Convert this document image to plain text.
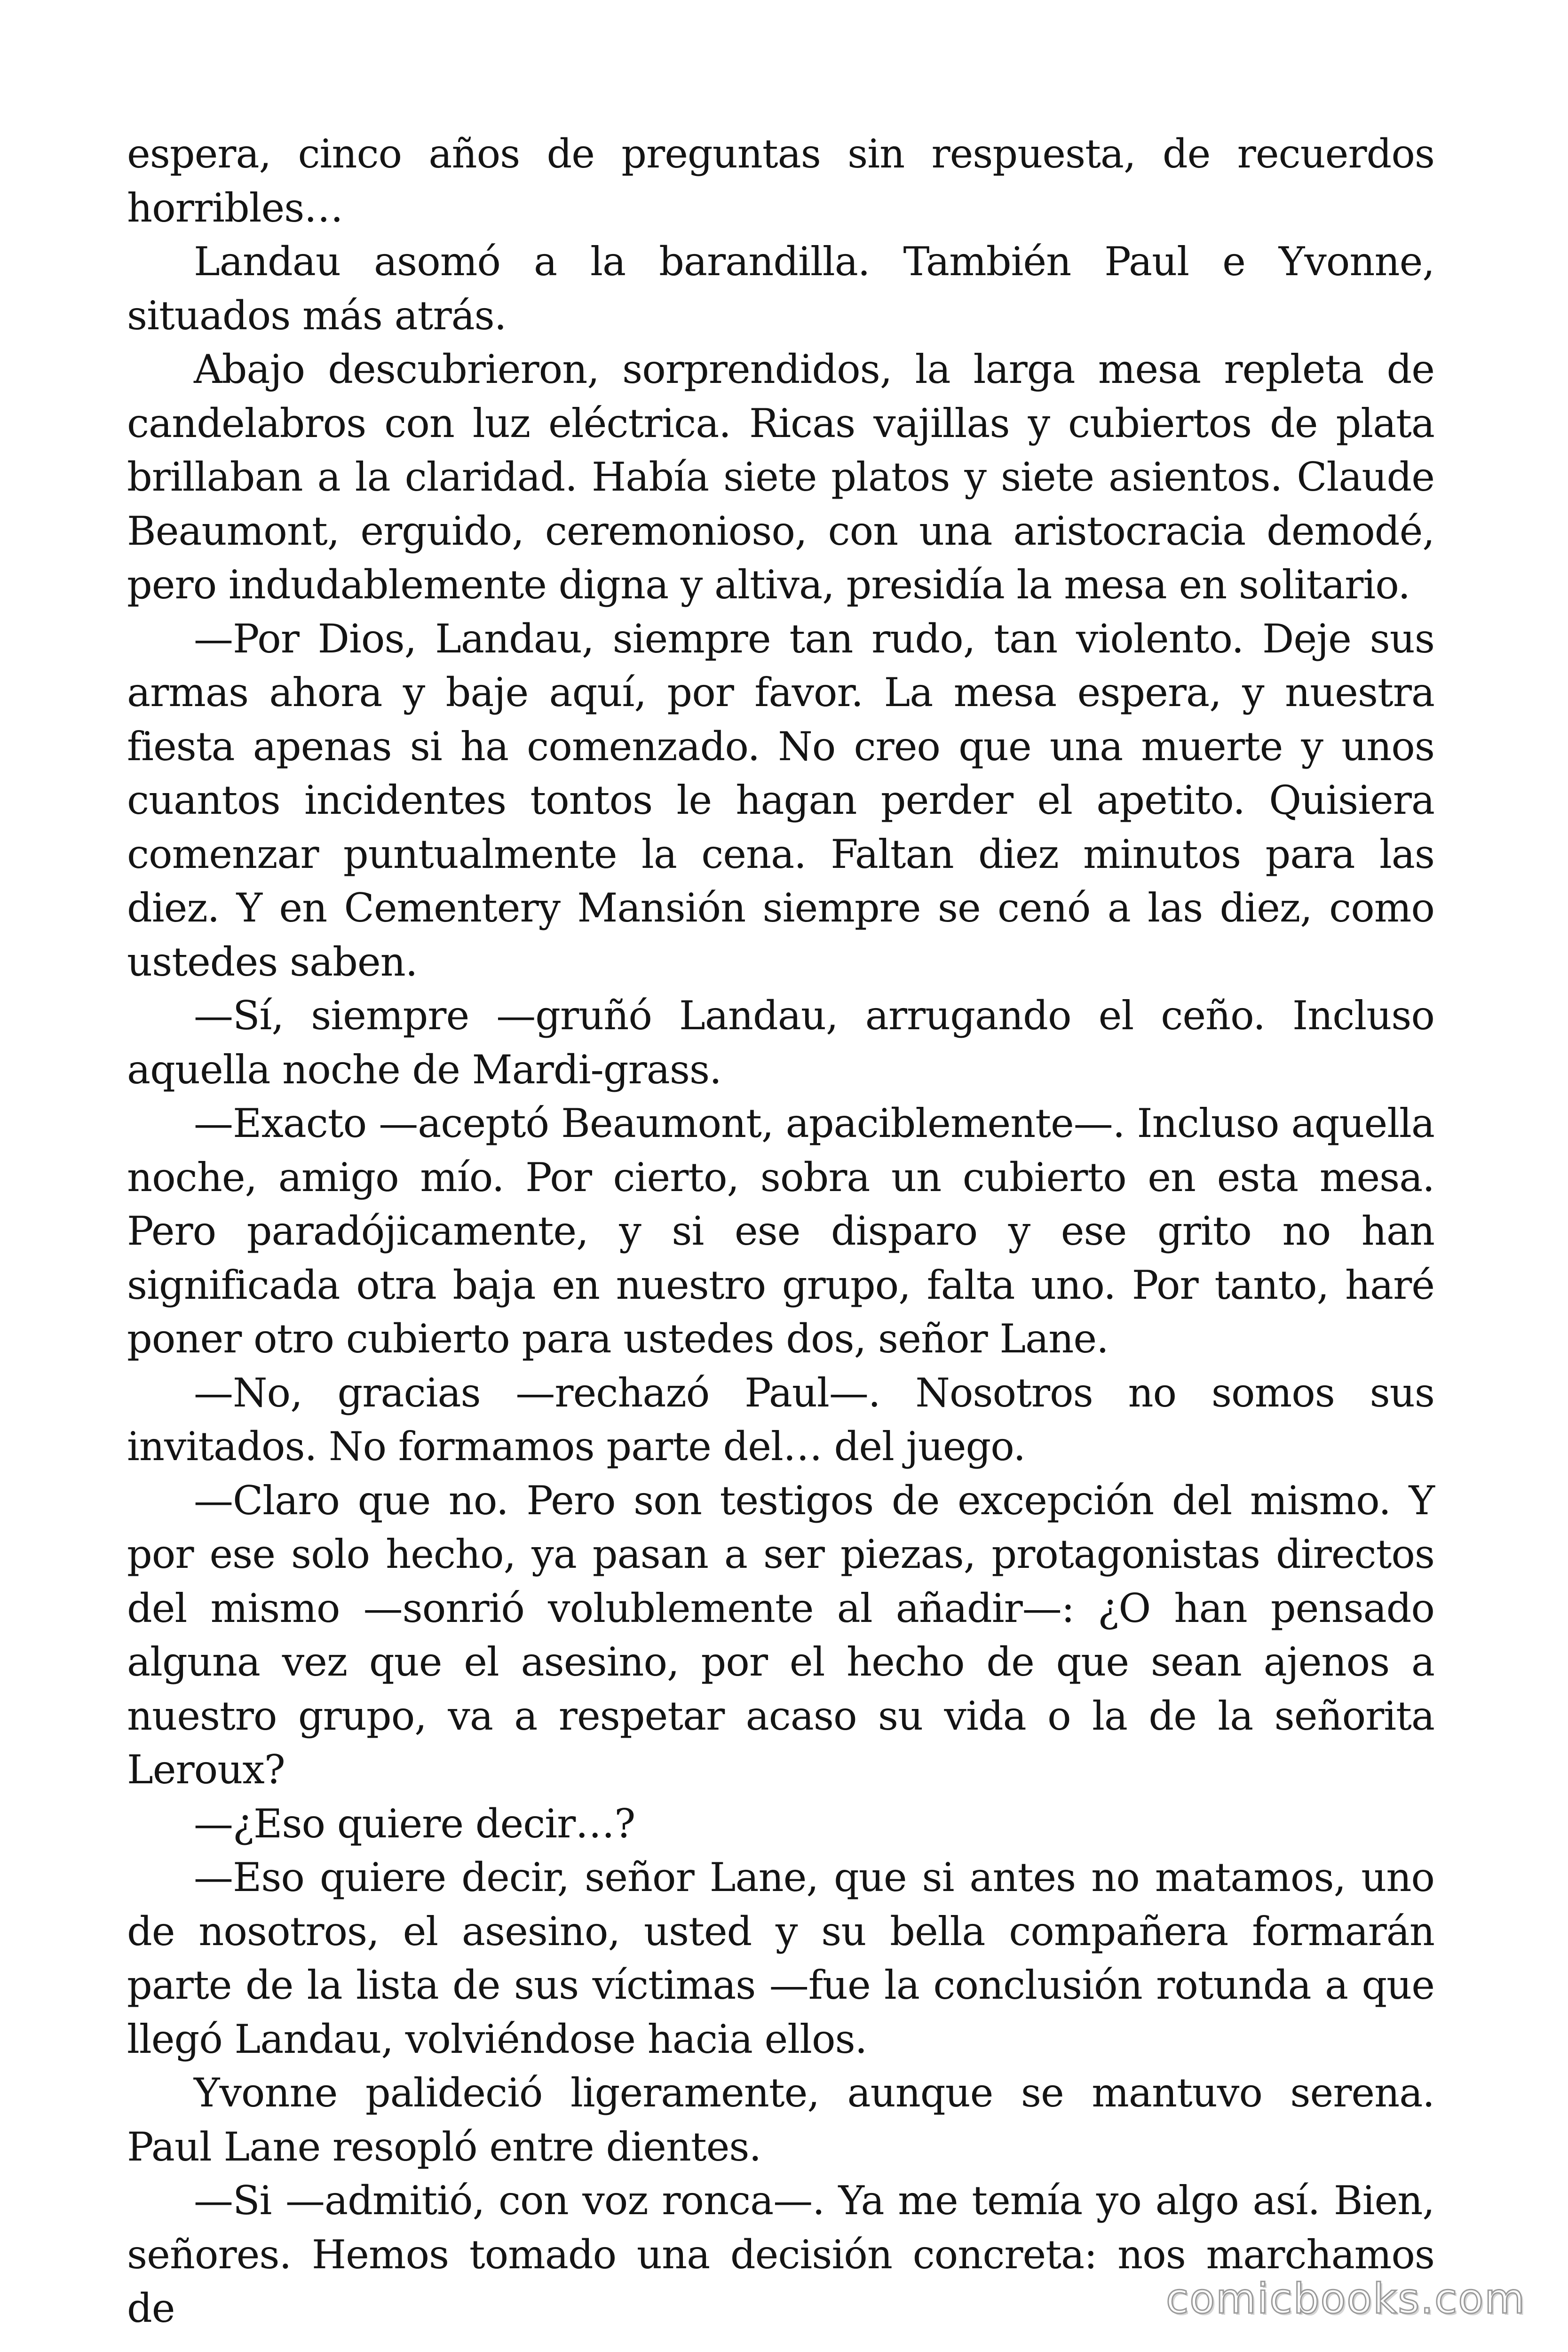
espera, cinco años de preguntas sin respuesta, de recuerdos horribles…

Landau asomó a la barandilla. También Paul e Yvonne, situados más atrás.

Abajo descubrieron, sorprendidos, la larga mesa repleta de candelabros con luz eléctrica. Ricas vajillas y cubiertos de plata brillaban a la claridad. Había siete platos y siete asientos. Claude Beaumont, erguido, ceremonioso, con una aristocracia demodé, pero indudablemente digna y altiva, presidía la mesa en solitario.

—Por Dios, Landau, siempre tan rudo, tan violento. Deje sus armas ahora y baje aquí, por favor. La mesa espera, y nuestra fiesta apenas si ha comenzado. No creo que una muerte y unos cuantos incidentes tontos le hagan perder el apetito. Quisiera comenzar puntualmente la cena. Faltan diez minutos para las diez. Y en Cementery Mansión siempre se cenó a las diez, como ustedes saben.

—Sí, siempre —gruñó Landau, arrugando el ceño. Incluso aquella noche de Mardi-grass.

—Exacto —aceptó Beaumont, apaciblemente—. Incluso aquella noche, amigo mío. Por cierto, sobra un cubierto en esta mesa. Pero paradójicamente, y si ese disparo y ese grito no han significada otra baja en nuestro grupo, falta uno. Por tanto, haré poner otro cubierto para ustedes dos, señor Lane.

—No, gracias —rechazó Paul—. Nosotros no somos sus invitados. No formamos parte del… del juego.

—Claro que no. Pero son testigos de excepción del mismo. Y por ese solo hecho, ya pasan a ser piezas, protagonistas directos del mismo —sonrió volublemente al añadir—: ¿O han pensado alguna vez que el asesino, por el hecho de que sean ajenos a nuestro grupo, va a respetar acaso su vida o la de la señorita Leroux?

—¿Eso quiere decir…?

—Eso quiere decir, señor Lane, que si antes no matamos, uno de nosotros, el asesino, usted y su bella compañera formarán parte de la lista de sus víctimas —fue la conclusión rotunda a que llegó Landau, volviéndose hacia ellos.

Yvonne palideció ligeramente, aunque se mantuvo serena. Paul Lane resopló entre dientes.

—Si —admitió, con voz ronca—. Ya me temía yo algo así. Bien, señores. Hemos tomado una decisión concreta: nos marchamos de	comicbooks.com
